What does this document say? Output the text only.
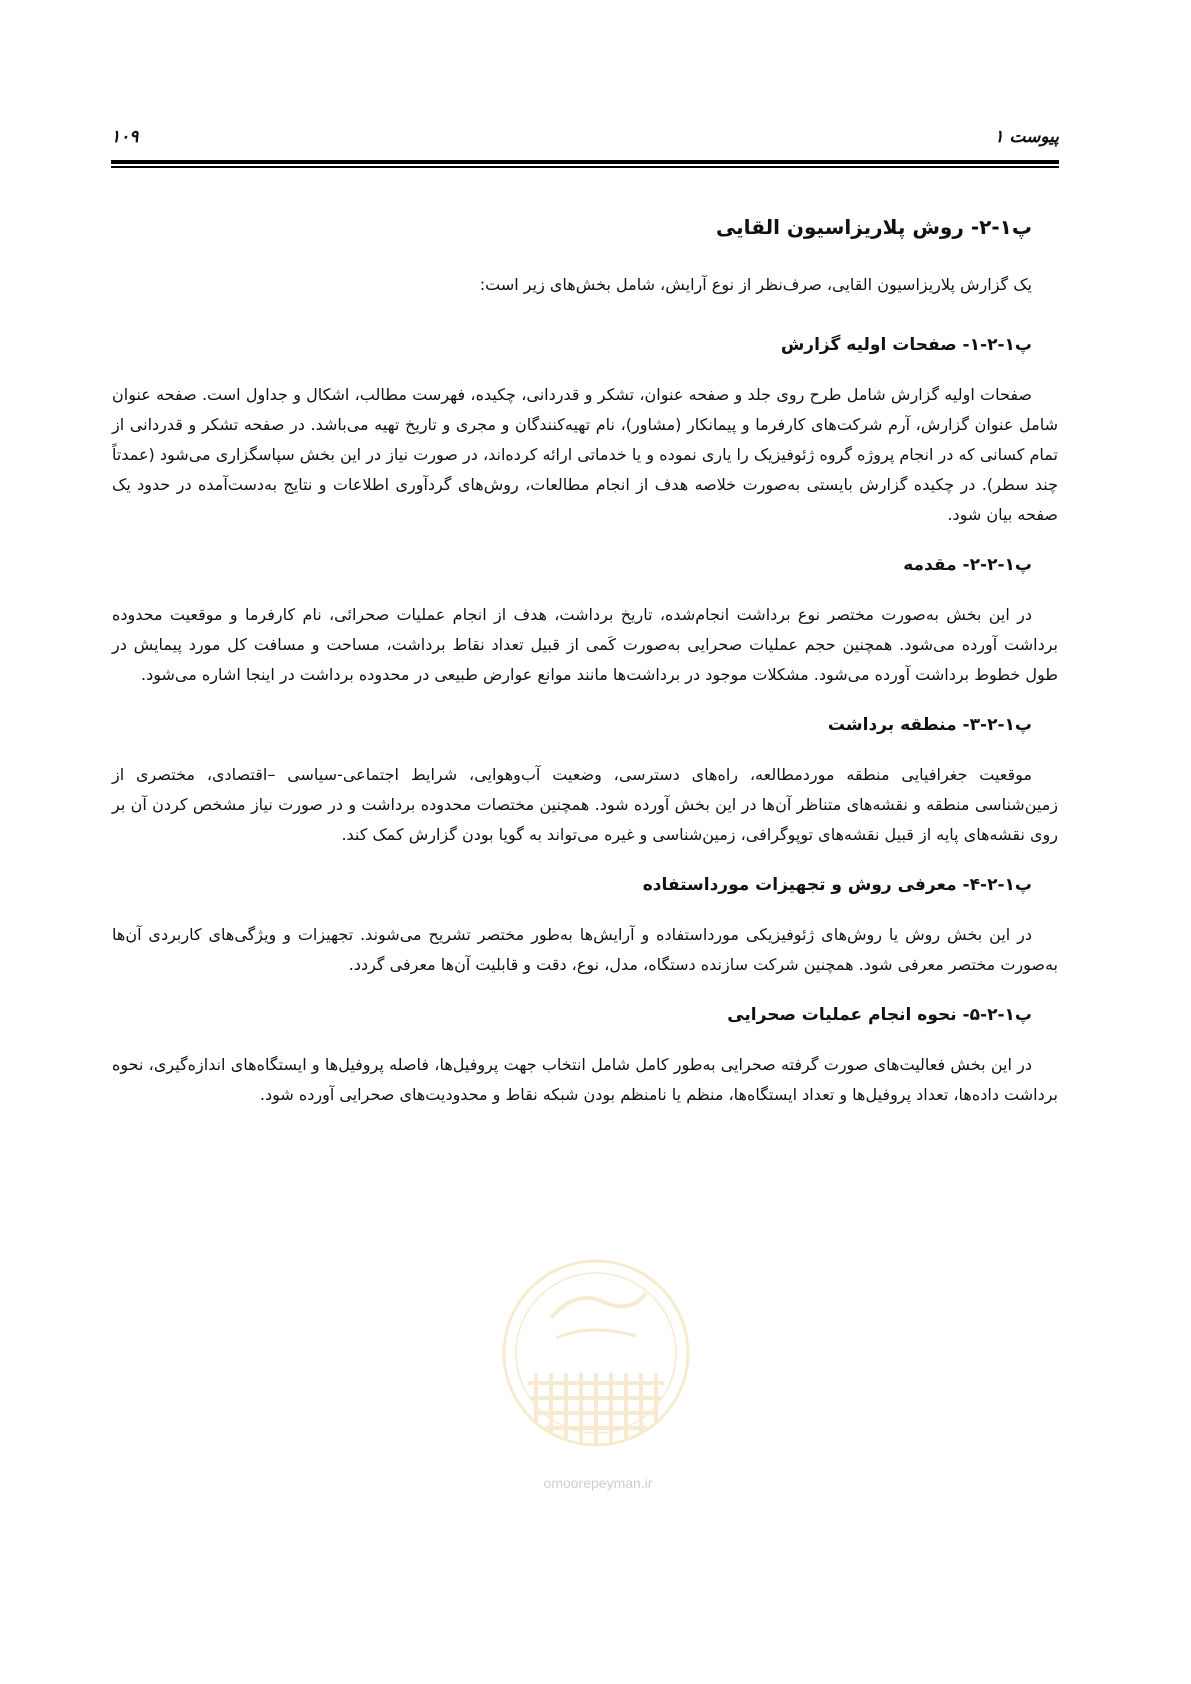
۱۰۹	پیوست ۱
پ۱-۲- روش پلاریزاسیون القایی

یک گزارش پلاریزاسیون القایی، صرف‌نظر از نوع آرایش، شامل بخش‌های زیر است:

پ۱-۲-۱- صفحات اولیه گزارش

صفحات اولیه گزارش شامل طرح روی جلد و صفحه عنوان، تشکر و قدردانی، چکیده، فهرست مطالب، اشکال و جداول است. صفحه عنوان شامل عنوان گزارش، آرم شرکت‌های کارفرما و پیمانکار (مشاور)، نام تهیه‌کنندگان و مجری و تاریخ تهیه می‌باشد. در صفحه تشکر و قدردانی از تمام کسانی که در انجام پروژه گروه ژئوفیزیک را یاری نموده و یا خدماتی ارائه کرده‌اند، در صورت نیاز در این بخش سپاسگزاری می‌شود (عمدتاً چند سطر). در چکیده گزارش بایستی به‌صورت خلاصه هدف از انجام مطالعات، روش‌های گردآوری اطلاعات و نتایج به‌دست‌آمده در حدود یک صفحه بیان شود.

پ۱-۲-۲- مقدمه

در این بخش به‌صورت مختصر نوع برداشت انجام‌شده، تاریخ برداشت، هدف از انجام عملیات صحرائی، نام کارفرما و موقعیت محدوده برداشت آورده می‌شود. همچنین حجم عملیات صحرایی به‌صورت کَمی از قبیل تعداد نقاط برداشت، مساحت و مسافت کل مورد پیمایش در طول خطوط برداشت آورده می‌شود. مشکلات موجود در برداشت‌ها مانند موانع عوارض طبیعی در محدوده برداشت در اینجا اشاره می‌شود.

پ۱-۲-۳- منطقه برداشت

موقعیت جغرافیایی منطقه موردمطالعه، راه‌های دسترسی، وضعیت آب‌وهوایی، شرایط اجتماعی-سیاسی –اقتصادی، مختصری از زمین‌شناسی منطقه و نقشه‌های متناظر آن‌ها در این بخش آورده شود. همچنین مختصات محدوده برداشت و در صورت نیاز مشخص کردن آن بر روی نقشه‌های پایه از قبیل نقشه‌های توپوگرافی، زمین‌شناسی و غیره می‌تواند به گویا بودن گزارش کمک کند.

پ۱-۲-۴- معرفی روش و تجهیزات مورداستفاده

در این بخش روش یا روش‌های ژئوفیزیکی مورداستفاده و آرایش‌ها به‌طور مختصر تشریح می‌شوند. تجهیزات و ویژگی‌های کاربردی آن‌ها به‌صورت مختصر معرفی شود. همچنین شرکت سازنده دستگاه، مدل، نوع، دقت و قابلیت آن‌ها معرفی گردد.

پ۱-۲-۵- نحوه انجام عملیات صحرایی

در این بخش فعالیت‌های صورت گرفته صحرایی به‌طور کامل شامل انتخاب جهت پروفیل‌ها، فاصله پروفیل‌ها و ایستگاه‌های اندازه‌گیری، نحوه برداشت داده‌ها، تعداد پروفیل‌ها و تعداد ایستگاه‌ها، منظم یا نامنظم بودن شبکه نقاط و محدودیت‌های صحرایی آورده شود.

omoorepeyman.ir
